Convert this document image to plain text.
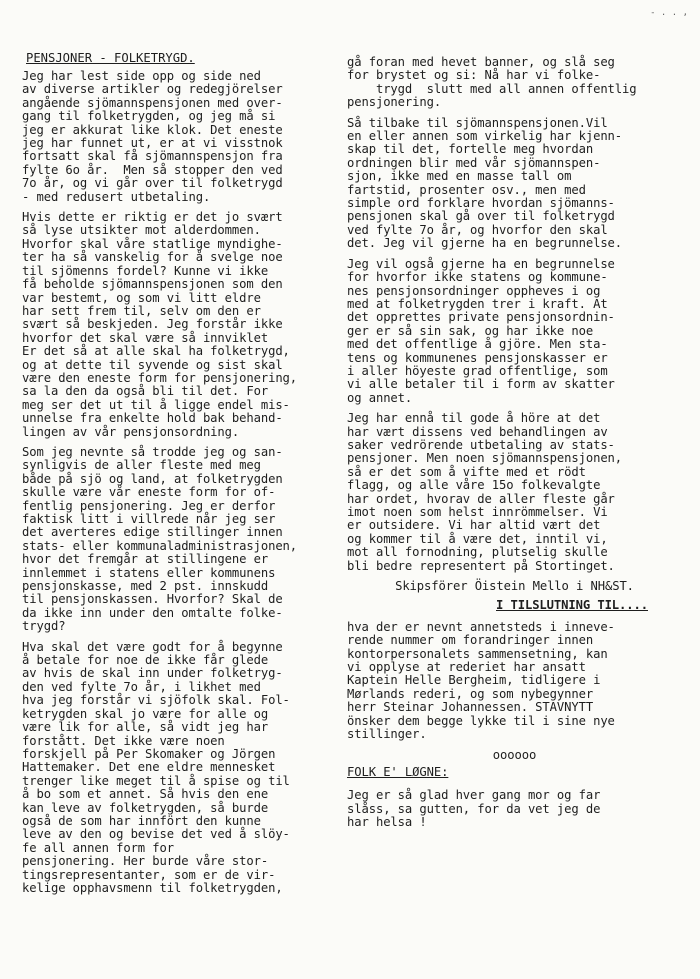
- . . ,
PENSJONER - FOLKETRYGD.
Jeg har lest side opp og side ned
av diverse artikler og redegjörelser
angående sjömannspensjonen med over-
gang til folketrygden, og jeg må si
jeg er akkurat like klok. Det eneste
jeg har funnet ut, er at vi visstnok
fortsatt skal få sjömannspensjon fra
fylte 6o år.  Men så stopper den ved
7o år, og vi går over til folketrygd
- med redusert utbetaling.
Hvis dette er riktig er det jo svært
så lyse utsikter mot alderdommen.
Hvorfor skal våre statlige myndighe-
ter ha så vanskelig for å svelge noe
til sjömenns fordel? Kunne vi ikke
få beholde sjömannspensjonen som den
var bestemt, og som vi litt eldre
har sett frem til, selv om den er
svært så beskjeden. Jeg forstår ikke
hvorfor det skal være så innviklet
Er det så at alle skal ha folketrygd,
og at dette til syvende og sist skal
være den eneste form for pensjonering,
sa la den da også bli til det. For
meg ser det ut til å ligge endel mis-
unnelse fra enkelte hold bak behand-
lingen av vår pensjonsordning.
Som jeg nevnte så trodde jeg og san-
synligvis de aller fleste med meg
både på sjö og land, at folketrygden
skulle være vår eneste form for of-
fentlig pensjonering. Jeg er derfor
faktisk litt i villrede når jeg ser
det averteres edige stillinger innen
stats- eller kommunaladministrasjonen,
hvor det fremgår at stillingene er
innlemmet i statens eller kommunens
pensjonskasse, med 2 pst. innskudd
til pensjonskassen. Hvorfor? Skal de
da ikke inn under den omtalte folke-
trygd?
Hva skal det være godt for å begynne
å betale for noe de ikke får glede
av hvis de skal inn under folketryg-
den ved fylte 7o år, i likhet med
hva jeg forstår vi sjöfolk skal. Fol-
ketrygden skal jo være for alle og
være lik for alle, så vidt jeg har
forstått. Det ikke være noen
forskjell på Per Skomaker og Jörgen
Hattemaker. Det ene eldre mennesket
trenger like meget til å spise og til
å bo som et annet. Så hvis den ene
kan leve av folketrygden, så burde
også de som har innfört den kunne
leve av den og bevise det ved å slöy-
fe all annen form for
pensjonering. Her burde våre stor-
tingsrepresentanter, som er de vir-
kelige opphavsmenn til folketrygden,
gå foran med hevet banner, og slå seg
for brystet og si: Nå har vi folke-
trygd  slutt med all annen offentlig
pensjonering.
Så tilbake til sjömannspensjonen.Vil
en eller annen som virkelig har kjenn-
skap til det, fortelle meg hvordan
ordningen blir med vår sjömannspen-
sjon, ikke med en masse tall om
fartstid, prosenter osv., men med
simple ord forklare hvordan sjömanns-
pensjonen skal gå over til folketrygd
ved fylte 7o år, og hvorfor den skal
det. Jeg vil gjerne ha en begrunnelse.
Jeg vil også gjerne ha en begrunnelse
for hvorfor ikke statens og kommune-
nes pensjonsordninger oppheves i og
med at folketrygden trer i kraft. At
det opprettes private pensjonsordnin-
ger er så sin sak, og har ikke noe
med det offentlige å gjöre. Men sta-
tens og kommunenes pensjonskasser er
i aller höyeste grad offentlige, som
vi alle betaler til i form av skatter
og annet.
Jeg har ennå til gode å höre at det
har vært dissens ved behandlingen av
saker vedrörende utbetaling av stats-
pensjoner. Men noen sjömannspensjonen,
så er det som å vifte med et rödt
flagg, og alle våre 15o folkevalgte
har ordet, hvorav de aller fleste går
imot noen som helst innrömmelser. Vi
er outsidere. Vi har altid vært det
og kommer til å være det, inntil vi,
mot all fornodning, plutselig skulle
bli bedre representert på Stortinget.
Skipsförer Öistein Mello i NH&ST.
I TILSLUTNING TIL....
hva der er nevnt annetsteds i inneve-
rende nummer om forandringer innen
kontorpersonalets sammensetning, kan
vi opplyse at rederiet har ansatt
Kaptein Helle Bergheim, tidligere i
Mørlands rederi, og som nybegynner
herr Steinar Johannessen. STAVNYTT
önsker dem begge lykke til i sine nye
stillinger.
oooooo
FOLK E' LØGNE:
Jeg er så glad hver gang mor og far
slåss, sa gutten, for da vet jeg de
har helsa !
